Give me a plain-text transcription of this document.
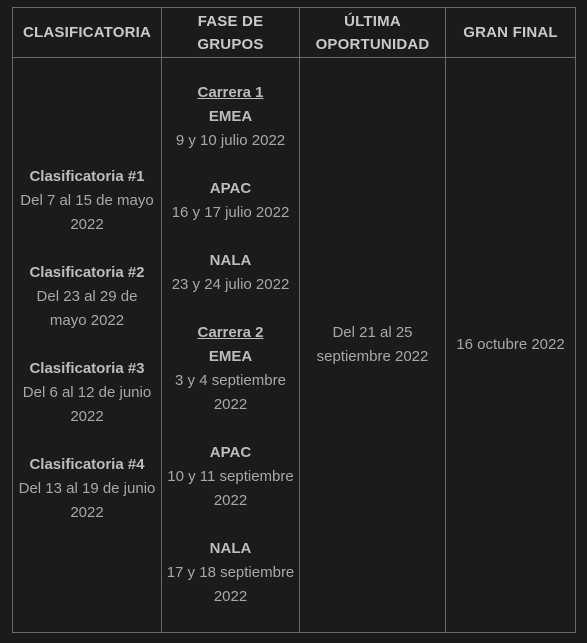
CLASIFICATORIA
FASE DE GRUPOS
ÚLTIMA OPORTUNIDAD
GRAN FINAL
Clasificatoria #1
Del 7 al 15 de mayo 2022
Clasificatoria #2
Del 23 al 29 de mayo 2022
Clasificatoria #3
Del 6 al 12 de junio 2022
Clasificatoria #4
Del 13 al 19 de junio 2022
Carrera 1
EMEA
9 y 10 julio 2022
APAC
16 y 17 julio 2022
NALA
23 y 24 julio 2022
Carrera 2
EMEA
3 y 4 septiembre 2022
APAC
10 y 11 septiembre 2022
NALA
17 y 18 septiembre 2022
Del 21 al 25 septiembre 2022
16 octubre 2022
